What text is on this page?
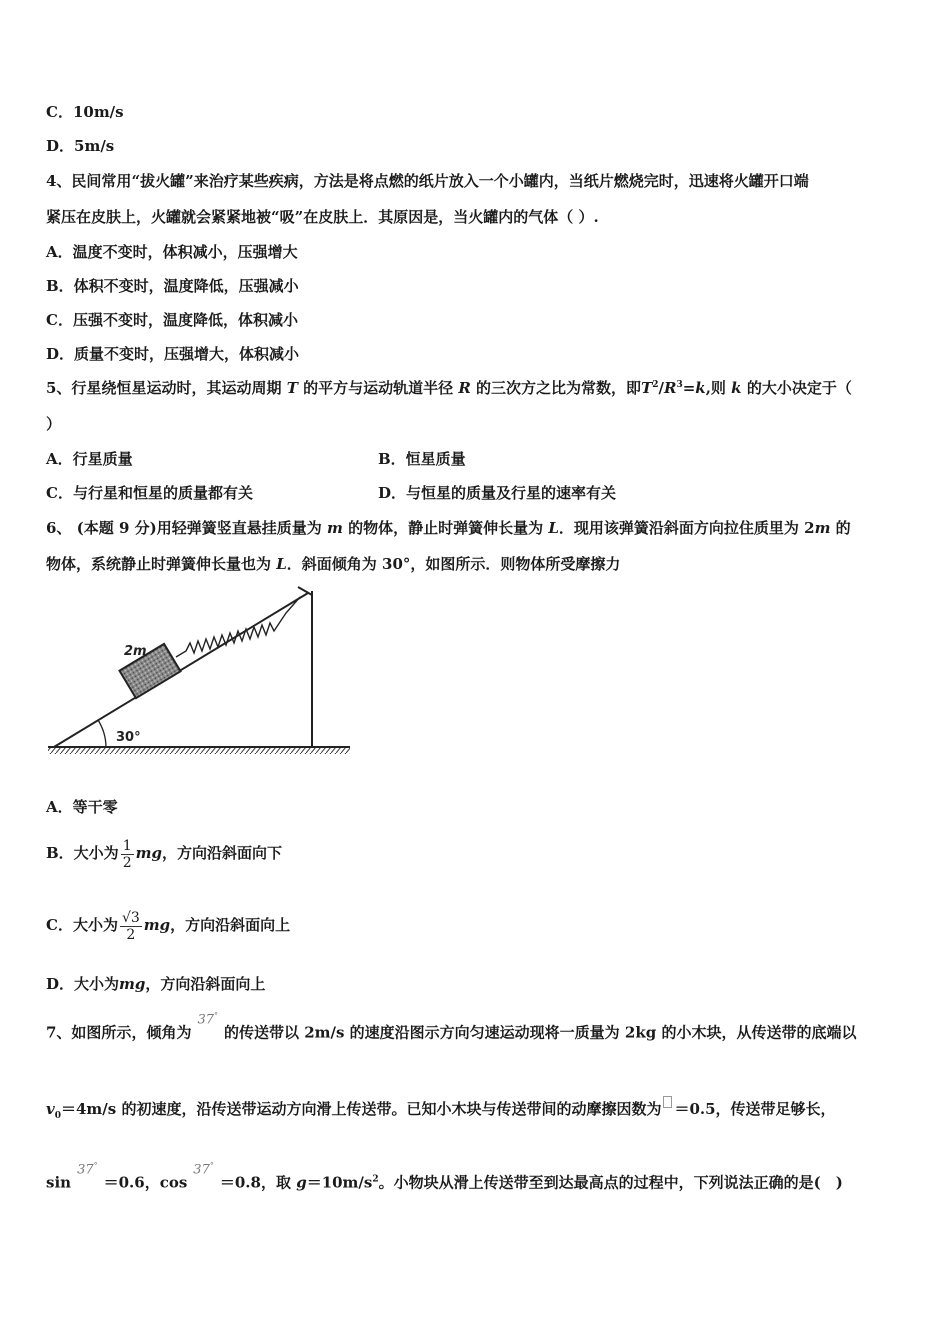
C．10m/s
D．5m/s
4、民间常用“拔火罐”来治疗某些疾病，方法是将点燃的纸片放入一个小罐内，当纸片燃烧完时，迅速将火罐开口端
紧压在皮肤上，火罐就会紧紧地被“吸”在皮肤上．其原因是，当火罐内的气体（ ）.
A．温度不变时，体积减小，压强增大
B．体积不变时，温度降低，压强减小
C．压强不变时，温度降低，体积减小
D．质量不变时，压强增大，体积减小
5、行星绕恒星运动时，其运动周期 T 的平方与运动轨道半径 R 的三次方之比为常数，即$T^2/R^3=k$,则 k 的大小决定于（
）
A．行星质量	B．恒星质量
C．与行星和恒星的质量都有关	D．与恒星的质量及行星的速率有关
6、 (本题 9 分)用轻弹簧竖直悬挂质量为 m 的物体，静止时弹簧伸长量为 L．现用该弹簧沿斜面方向拉住质里为 2m 的
物体，系统静止时弹簧伸长量也为 L．斜面倾角为 30°，如图所示．则物体所受摩擦力
2m
30°
A．等干零
B．大小为 $\frac{1}{2}$ mg，方向沿斜面向下
C．大小为 $\frac{√3}{2}$ mg，方向沿斜面向上
D．大小为mg，方向沿斜面向上
7、如图所示，倾角为37°的传送带以 2m/s 的速度沿图示方向匀速运动现将一质量为 2kg 的小木块，从传送带的底端以
$v_0=4m/s$ 的初速度，沿传送带运动方向滑上传送带。已知小木块与传送带间的动摩擦因数为 ＝0.5，传送带足够长，
sin37°＝0.6，cos37°＝0.8，取 $g=10m/s^2$。小物块从滑上传送带至到达最高点的过程中，下列说法正确的是(　)
